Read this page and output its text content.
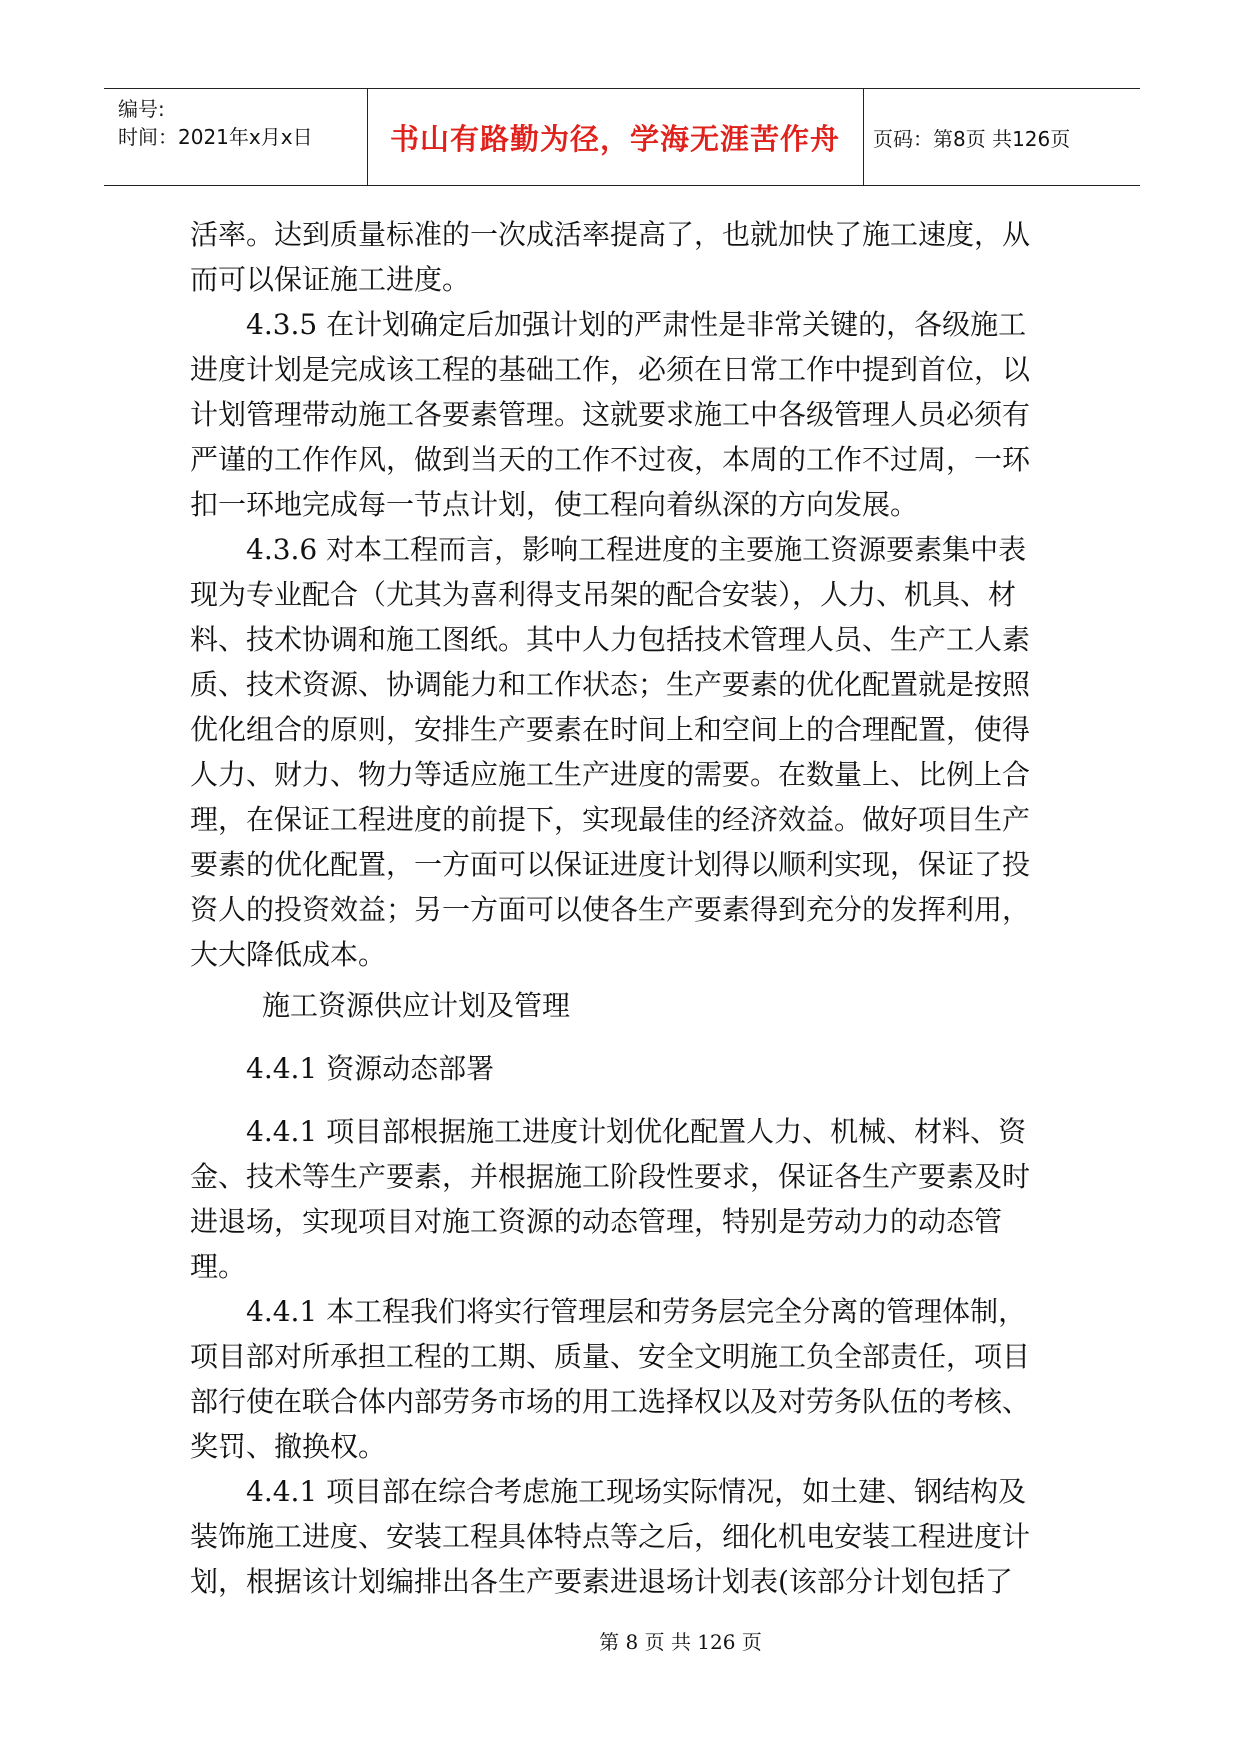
编号:
时间：2021年x月x日	书山有路勤为径，学海无涯苦作舟	页码：第8页 共126页

活率。达到质量标准的一次成活率提高了，也就加快了施工速度，从而可以保证施工进度。

4.3.5 在计划确定后加强计划的严肃性是非常关键的，各级施工进度计划是完成该工程的基础工作，必须在日常工作中提到首位，以计划管理带动施工各要素管理。这就要求施工中各级管理人员必须有严谨的工作作风，做到当天的工作不过夜，本周的工作不过周，一环扣一环地完成每一节点计划，使工程向着纵深的方向发展。

4.3.6 对本工程而言，影响工程进度的主要施工资源要素集中表现为专业配合（尤其为喜利得支吊架的配合安装），人力、机具、材料、技术协调和施工图纸。其中人力包括技术管理人员、生产工人素质、技术资源、协调能力和工作状态；生产要素的优化配置就是按照优化组合的原则，安排生产要素在时间上和空间上的合理配置，使得人力、财力、物力等适应施工生产进度的需要。在数量上、比例上合理，在保证工程进度的前提下，实现最佳的经济效益。做好项目生产要素的优化配置，一方面可以保证进度计划得以顺利实现，保证了投资人的投资效益；另一方面可以使各生产要素得到充分的发挥利用，大大降低成本。

施工资源供应计划及管理

4.4.1 资源动态部署

4.4.1 项目部根据施工进度计划优化配置人力、机械、材料、资金、技术等生产要素，并根据施工阶段性要求，保证各生产要素及时进退场，实现项目对施工资源的动态管理，特别是劳动力的动态管理。

4.4.1 本工程我们将实行管理层和劳务层完全分离的管理体制，项目部对所承担工程的工期、质量、安全文明施工负全部责任，项目部行使在联合体内部劳务市场的用工选择权以及对劳务队伍的考核、奖罚、撤换权。

4.4.1 项目部在综合考虑施工现场实际情况，如土建、钢结构及装饰施工进度、安装工程具体特点等之后，细化机电安装工程进度计划，根据该计划编排出各生产要素进退场计划表(该部分计划包括了

第 8 页 共 126 页
